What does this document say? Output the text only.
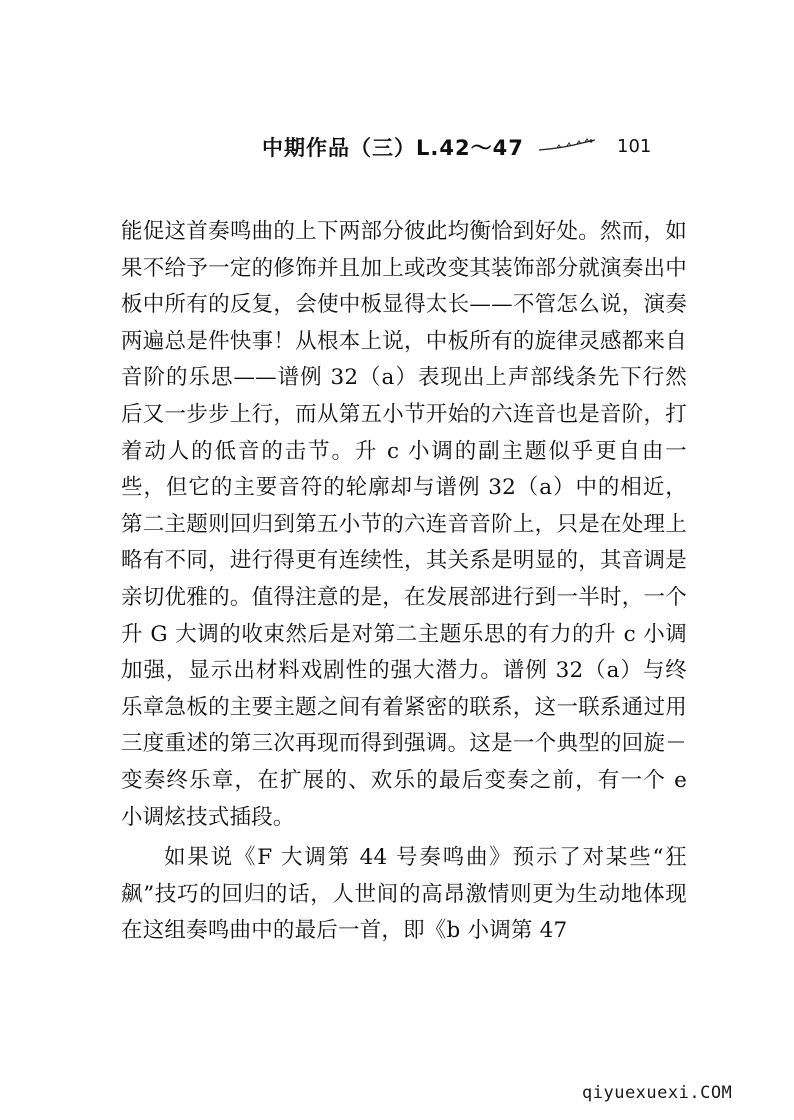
中期作品（三）L.42～47	101

能促这首奏鸣曲的上下两部分彼此均衡恰到好处。然而，如果不给予一定的修饰并且加上或改变其装饰部分就演奏出中板中所有的反复，会使中板显得太长——不管怎么说，演奏两遍总是件快事！从根本上说，中板所有的旋律灵感都来自音阶的乐思——谱例 32（a）表现出上声部线条先下行然后又一步步上行，而从第五小节开始的六连音也是音阶，打着动人的低音的击节。升 c 小调的副主题似乎更自由一些，但它的主要音符的轮廓却与谱例 32（a）中的相近，第二主题则回归到第五小节的六连音音阶上，只是在处理上略有不同，进行得更有连续性，其关系是明显的，其音调是亲切优雅的。值得注意的是，在发展部进行到一半时，一个升 G 大调的收束然后是对第二主题乐思的有力的升 c 小调加强，显示出材料戏剧性的强大潜力。谱例 32（a）与终乐章急板的主要主题之间有着紧密的联系，这一联系通过用三度重述的第三次再现而得到强调。这是一个典型的回旋－变奏终乐章，在扩展的、欢乐的最后变奏之前，有一个 e 小调炫技式插段。

如果说《F 大调第 44 号奏鸣曲》预示了对某些“狂飙”技巧的回归的话，人世间的高昂激情则更为生动地体现在这组奏鸣曲中的最后一首，即《b 小调第 47

qiyuexuexi.COM
